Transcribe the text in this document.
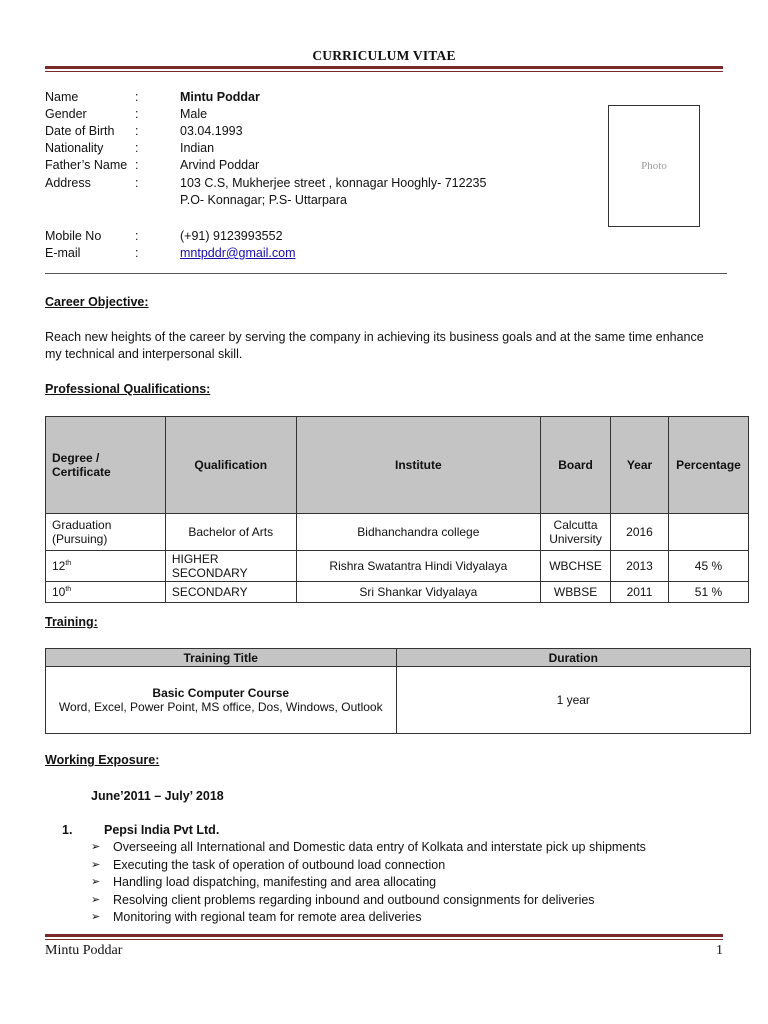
CURRICULUM VITAE
Name	:	Mintu Poddar
Gender	:	Male
Date of Birth	:	03.04.1993
Nationality	:	Indian
Father’s Name :	Arvind Poddar
Address	:	103 C.S, Mukherjee street , konnagar Hooghly- 712235
P.O- Konnagar; P.S- Uttarpara
Mobile No	:	(+91) 9123993552
E-mail	:	mntpddr@gmail.com
Photo
Career Objective:
Reach new heights of the career by serving the company in achieving its business goals and at the same time enhance
my technical and interpersonal skill.
Professional Qualifications:
Degree / Certificate	Qualification	Institute	Board	Year	Percentage
Graduation (Pursuing)	Bachelor of Arts	Bidhanchandra college	Calcutta University	2016	
12th	HIGHER SECONDARY	Rishra Swatantra Hindi Vidyalaya	WBCHSE	2013	45 %
10th	SECONDARY	Sri Shankar Vidyalaya	WBBSE	2011	51 %
Training:
Training Title	Duration

Basic Computer Course
Word, Excel, Power Point, MS office, Dos, Windows, Outlook	1 year
Working Exposure:
June’2011 – July’ 2018
1.	Pepsi India Pvt Ltd.
➢ Overseeing all International and Domestic data entry of Kolkata and interstate pick up shipments
➢ Executing the task of operation of outbound load connection
➢ Handling load dispatching, manifesting and area allocating
➢ Resolving client problems regarding inbound and outbound consignments for deliveries
➢ Monitoring with regional team for remote area deliveries
Mintu Poddar	1
